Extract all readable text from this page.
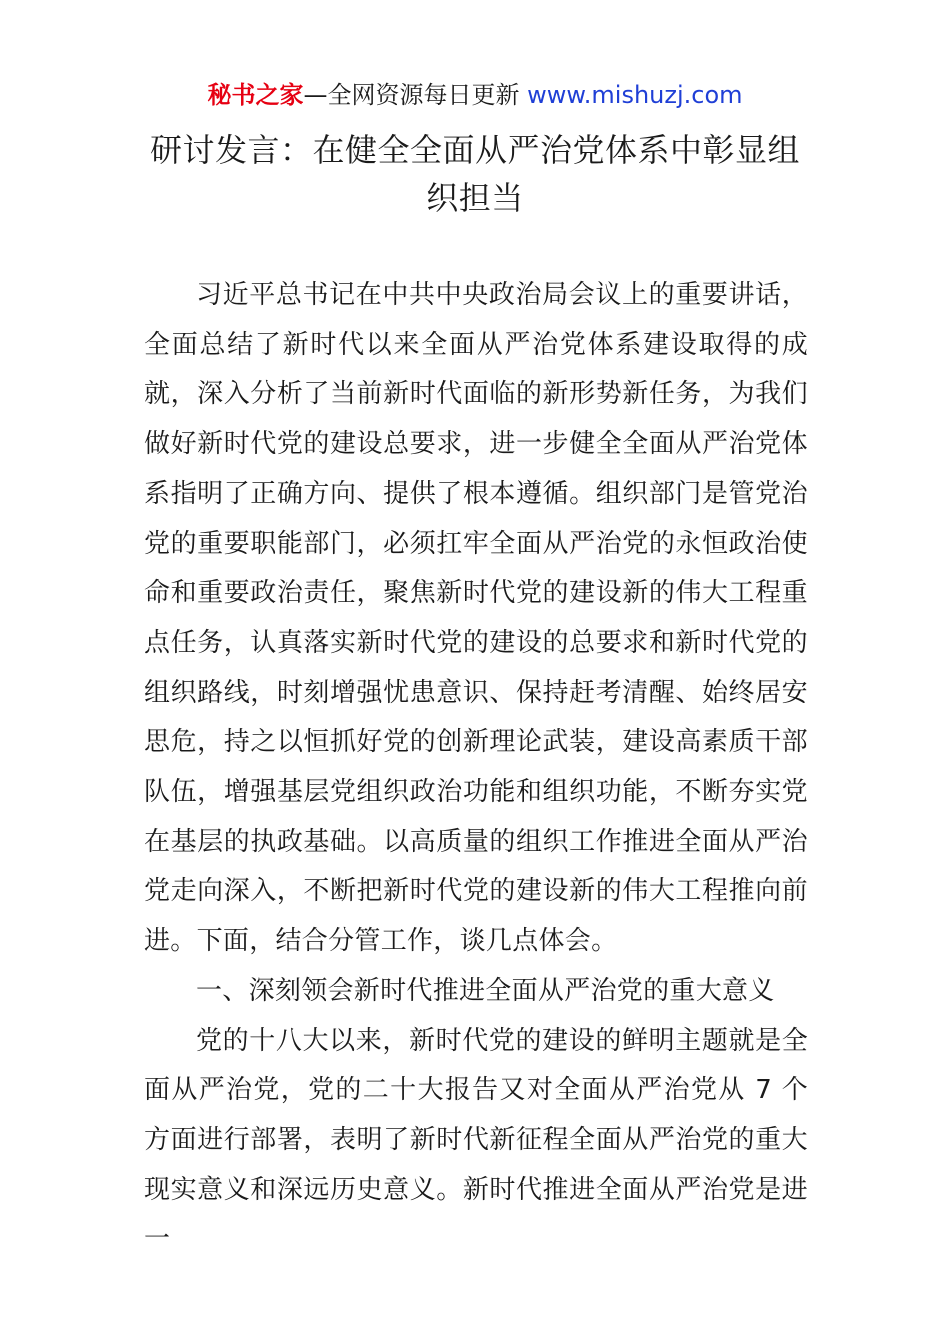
秘书之家—全网资源每日更新 www.mishuzj.com
研讨发言：在健全全面从严治党体系中彰显组织担当

习近平总书记在中共中央政治局会议上的重要讲话，全面总结了新时代以来全面从严治党体系建设取得的成就，深入分析了当前新时代面临的新形势新任务，为我们做好新时代党的建设总要求，进一步健全全面从严治党体系指明了正确方向、提供了根本遵循。组织部门是管党治党的重要职能部门，必须扛牢全面从严治党的永恒政治使命和重要政治责任，聚焦新时代党的建设新的伟大工程重点任务，认真落实新时代党的建设的总要求和新时代党的组织路线，时刻增强忧患意识、保持赶考清醒、始终居安思危，持之以恒抓好党的创新理论武装，建设高素质干部队伍，增强基层党组织政治功能和组织功能，不断夯实党在基层的执政基础。以高质量的组织工作推进全面从严治党走向深入，不断把新时代党的建设新的伟大工程推向前进。下面，结合分管工作，谈几点体会。

一、深刻领会新时代推进全面从严治党的重大意义

党的十八大以来，新时代党的建设的鲜明主题就是全面从严治党，党的二十大报告又对全面从严治党从 7 个方面进行部署，表明了新时代新征程全面从严治党的重大现实意义和深远历史意义。新时代推进全面从严治党是进一
